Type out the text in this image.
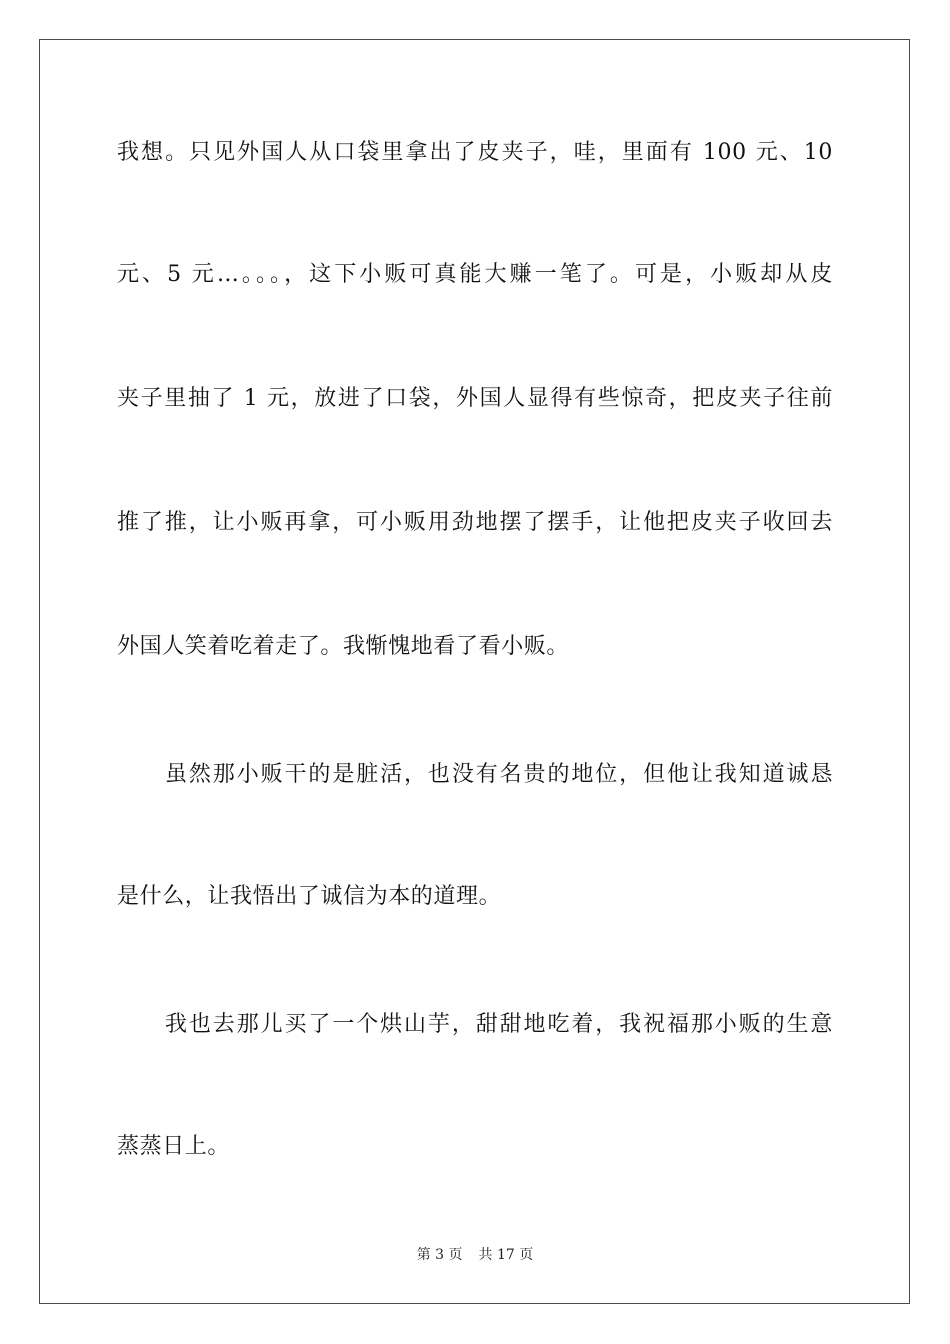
我想。只见外国人从口袋里拿出了皮夹子，哇，里面有 100 元、10
元、5 元…。。。，这下小贩可真能大赚一笔了。可是，小贩却从皮
夹子里抽了 1 元，放进了口袋，外国人显得有些惊奇，把皮夹子往前
推了推，让小贩再拿，可小贩用劲地摆了摆手，让他把皮夹子收回去
外国人笑着吃着走了。我惭愧地看了看小贩。
虽然那小贩干的是脏活，也没有名贵的地位，但他让我知道诚恳
是什么，让我悟出了诚信为本的道理。
我也去那儿买了一个烘山芋，甜甜地吃着，我祝福那小贩的生意
蒸蒸日上。
第 3 页 共 17 页
